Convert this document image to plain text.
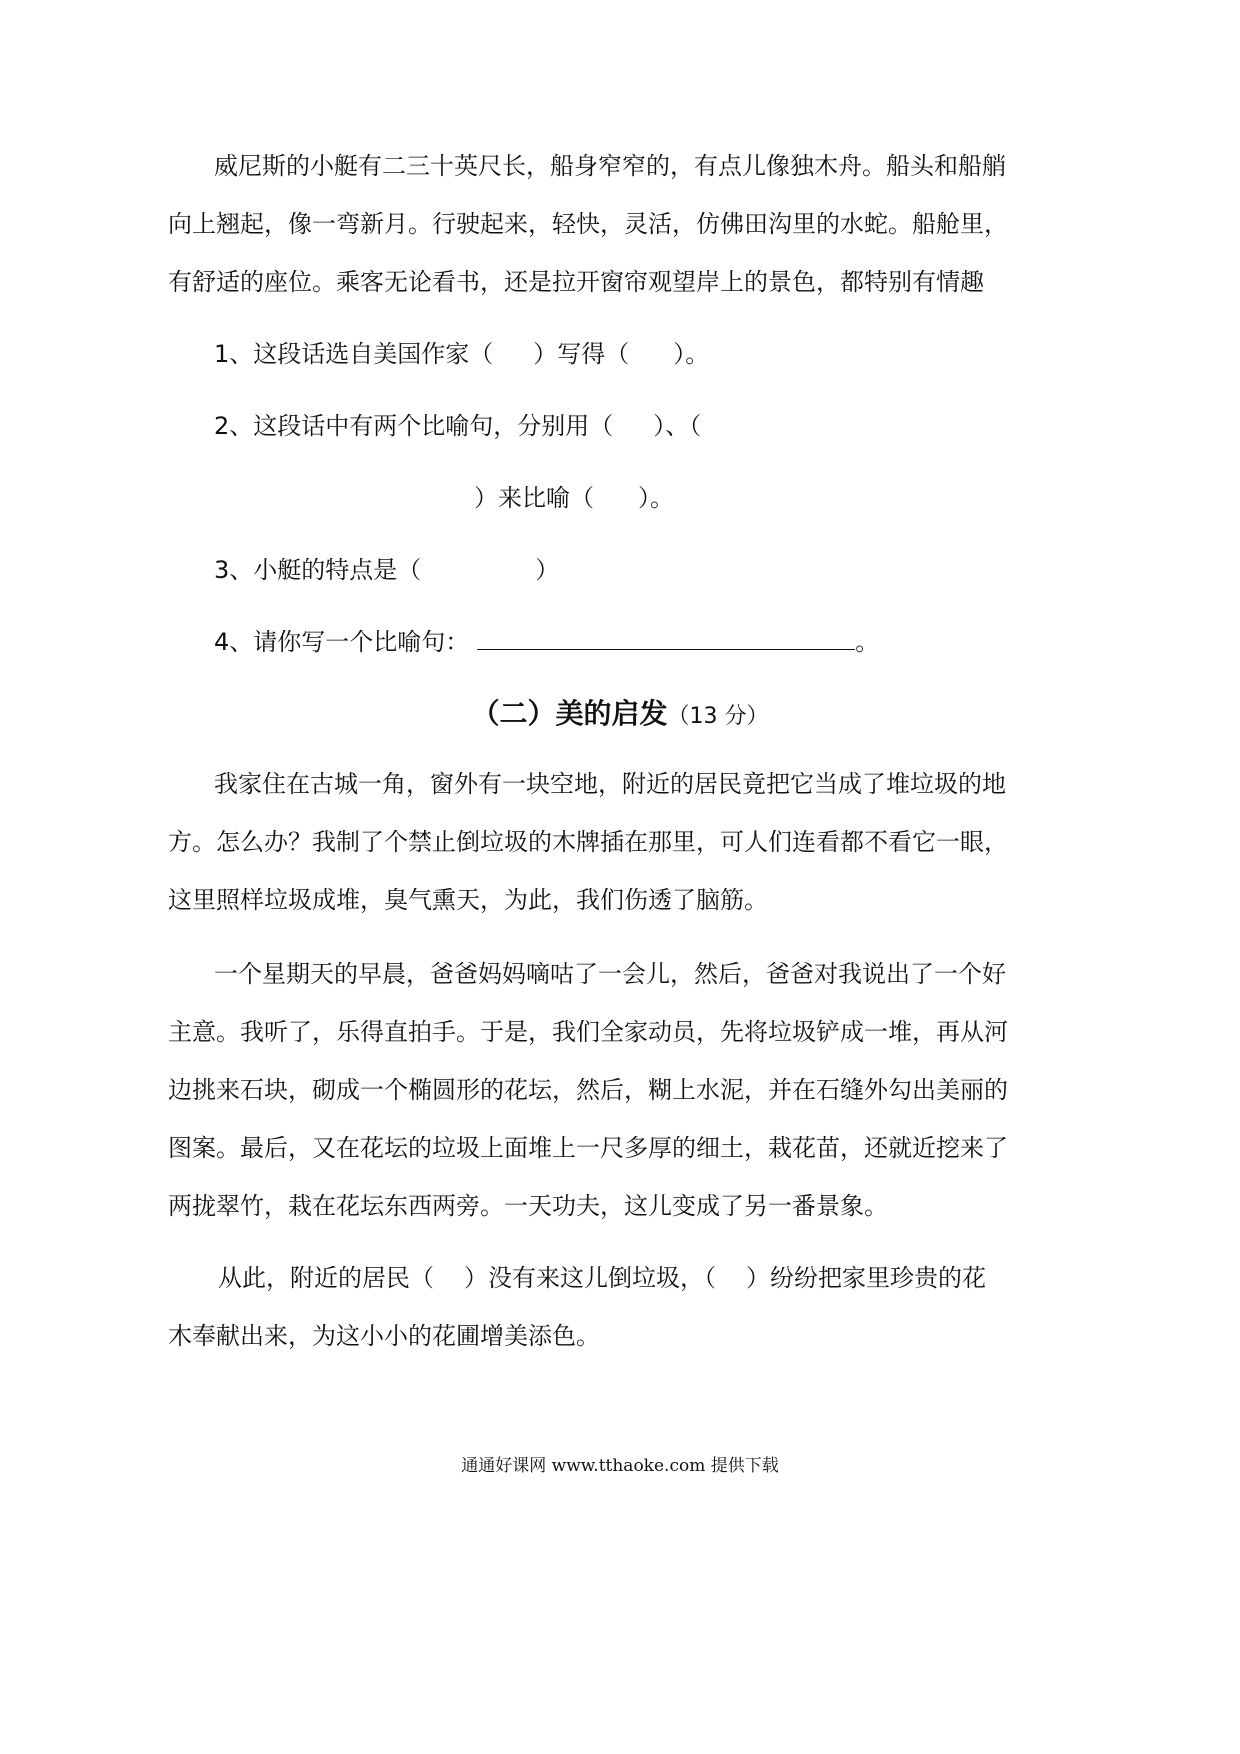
威尼斯的小艇有二三十英尺长，船身窄窄的，有点儿像独木舟。船头和船艄
向上翘起，像一弯新月。行驶起来，轻快，灵活，仿佛田沟里的水蛇。船舱里，
有舒适的座位。乘客无论看书，还是拉开窗帘观望岸上的景色，都特别有情趣
1、这段话选自美国作家（ ）写得（ ）。
2、这段话中有两个比喻句，分别用（ ）、（
）来比喻（ ）。
3、小艇的特点是（	）
4、请你写一个比喻句：	。
（二）美的启发（13 分）
我家住在古城一角，窗外有一块空地，附近的居民竟把它当成了堆垃圾的地
方。怎么办？我制了个禁止倒垃圾的木牌插在那里，可人们连看都不看它一眼，
这里照样垃圾成堆，臭气熏天，为此，我们伤透了脑筋。
一个星期天的早晨，爸爸妈妈嘀咕了一会儿，然后，爸爸对我说出了一个好
主意。我听了，乐得直拍手。于是，我们全家动员，先将垃圾铲成一堆，再从河
边挑来石块，砌成一个椭圆形的花坛，然后，糊上水泥，并在石缝外勾出美丽的
图案。最后，又在花坛的垃圾上面堆上一尺多厚的细土，栽花苗，还就近挖来了
两拢翠竹，栽在花坛东西两旁。一天功夫，这儿变成了另一番景象。
从此，附近的居民（ ）没有来这儿倒垃圾，（ ）纷纷把家里珍贵的花
木奉献出来，为这小小的花圃增美添色。
通通好课网 www.tthaoke.com 提供下载
